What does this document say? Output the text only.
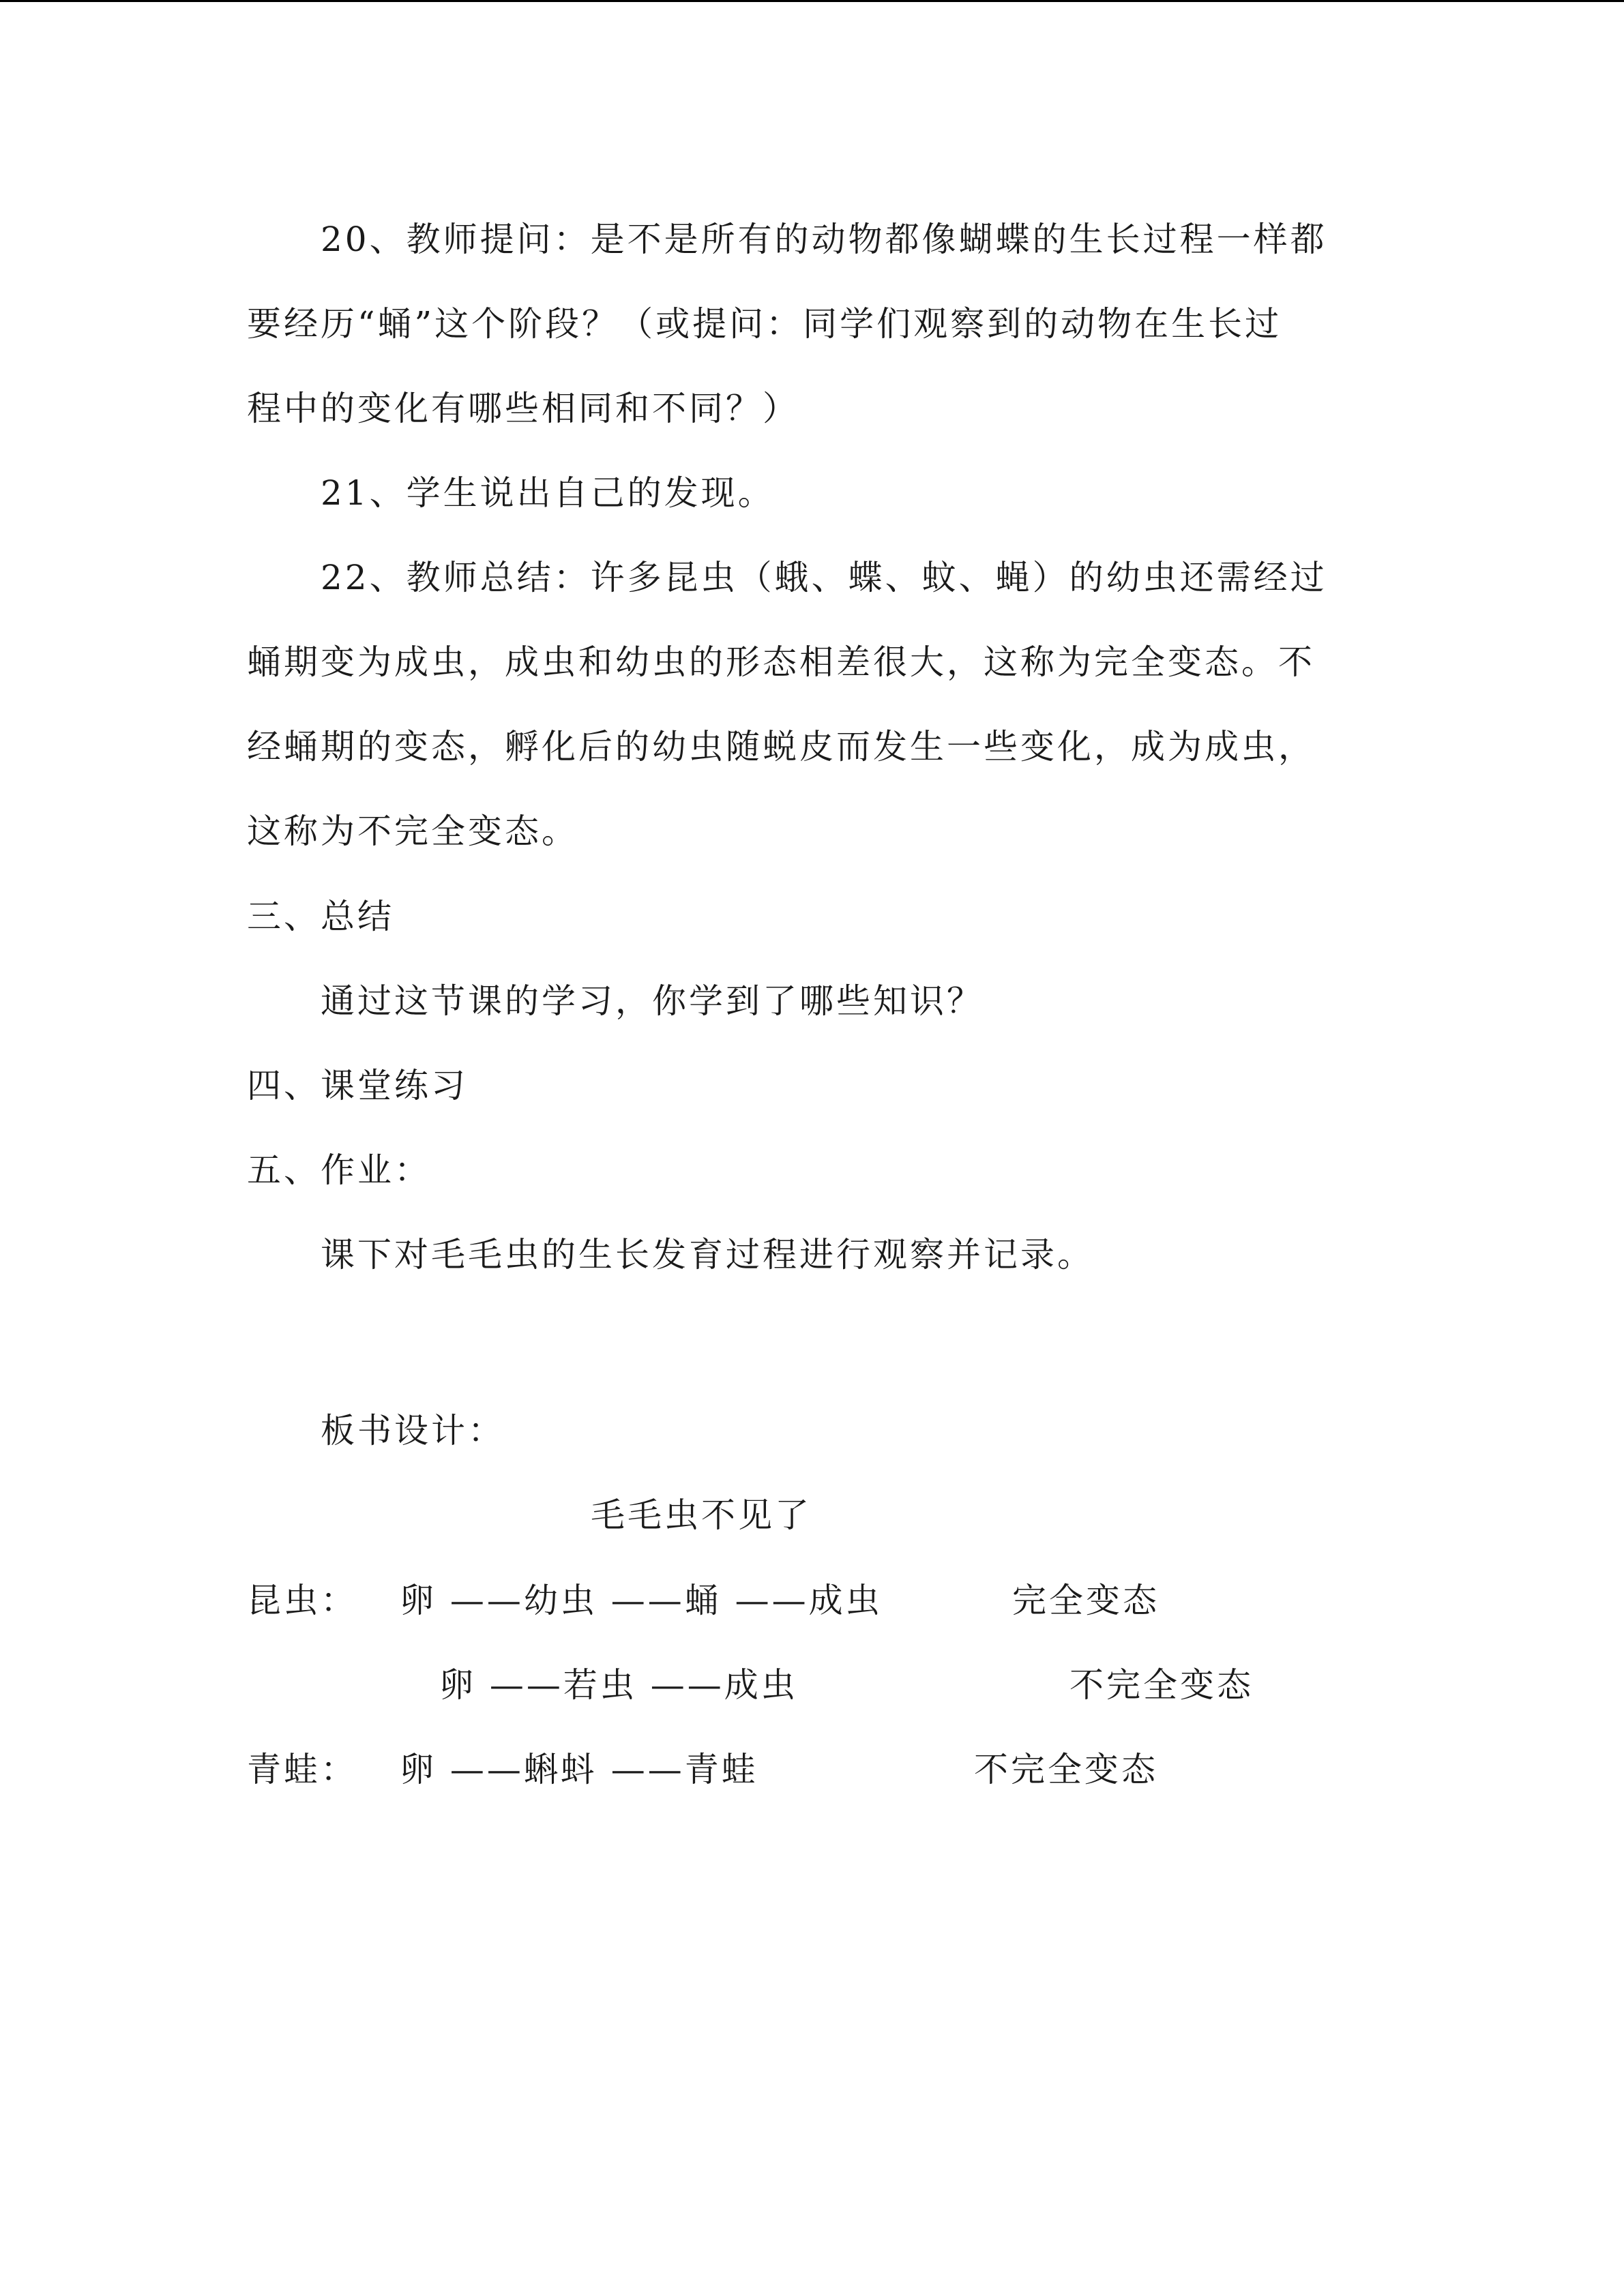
20、教师提问：是不是所有的动物都像蝴蝶的生长过程一样都
要经历“蛹”这个阶段？（或提问：同学们观察到的动物在生长过
程中的变化有哪些相同和不同？）
21、学生说出自己的发现。
22、教师总结：许多昆虫（蛾、蝶、蚊、蝇）的幼虫还需经过
蛹期变为成虫，成虫和幼虫的形态相差很大，这称为完全变态。不
经蛹期的变态，孵化后的幼虫随蜕皮而发生一些变化，成为成虫，
这称为不完全变态。
三、总结
通过这节课的学习，你学到了哪些知识？
四、课堂练习
五、作业：
课下对毛毛虫的生长发育过程进行观察并记录。
板书设计：
毛毛虫不见了
昆虫： 卵 ——幼虫 ——蛹 ——成虫	完全变态
卵 ——若虫 ——成虫	不完全变态
青蛙： 卵 ——蝌蚪 ——青蛙	不完全变态
